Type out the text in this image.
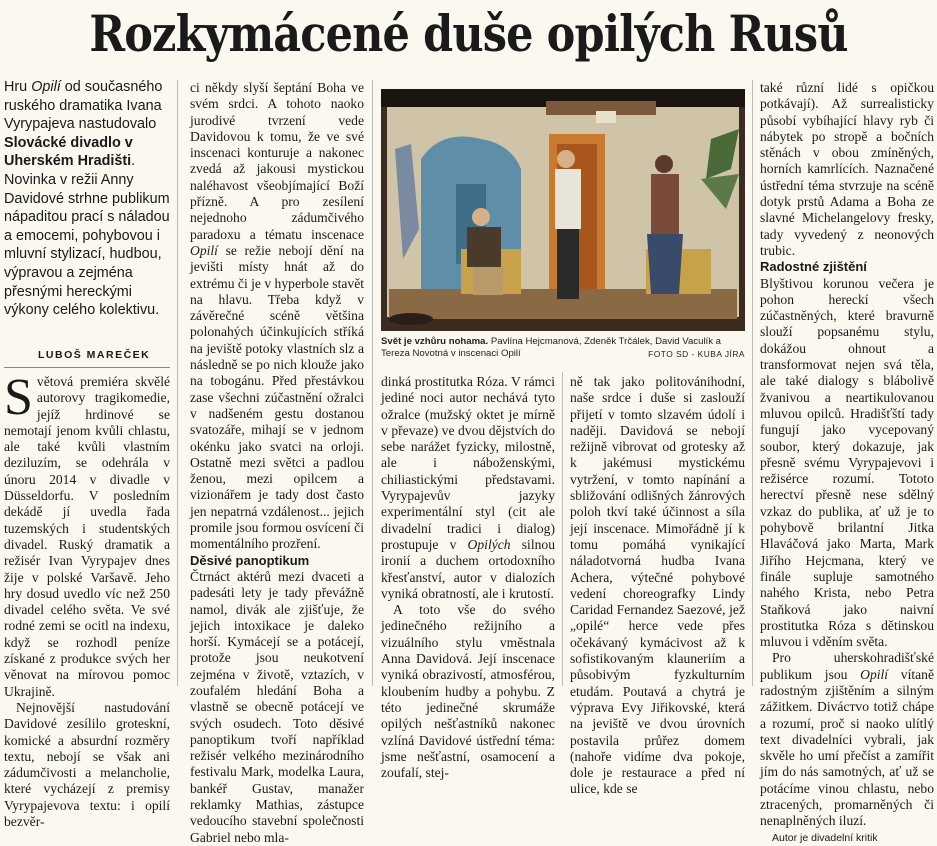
Rozkymácené duše opilých Rusů
Hru Opilí od současného ruského dramatika Ivana Vyrypajeva nastudovalo Slovácké divadlo v Uherském Hradišti. Novinka v režii Anny Davidové strhne publikum nápaditou prací s náladou a emocemi, pohybovou i mluvní stylizací, hudbou, výpravou a zejména přesnými hereckými výkony celého kolektivu.
LUBOŠ MAREČEK

Světová premiéra skvělé autorovy tragikomedie, jejíž hrdinové se nemotají jenom kvůli chlastu, ale také kvůli vlastním deziluzím, se odehrála v únoru 2014 v divadle v Düsseldorfu. V posledním dekádě jí uvedla řada tuzemských i studentských divadel. Ruský dramatik a režisér Ivan Vyrypajev dnes žije v polské Varšavě. Jeho hry dosud uvedlo víc než 250 divadel celého světa. Ve své rodné zemi se ocitl na indexu, když se rozhodl peníze získané z produkce svých her věnovat na mírovou pomoc Ukrajině.

Nejnovější nastudování Davidové zesílilo groteskní, komické a absurdní rozměry textu, nebojí se však ani zádumčivosti a melancholie, které vycházejí z premisy Vyrypajevova textu: i opilí bezvěr-

ci někdy slyší šeptání Boha ve svém srdci. A tohoto naoko jurodivé tvrzení vede Davidovou k tomu, že ve své inscenaci konturuje a nakonec zvedá až jakousi mystickou naléhavost všeobjímající Boží přízně. A pro zesílení nejednoho zádumčivého paradoxu a tématu inscenace Opilí se režie nebojí dění na jevišti místy hnát až do extrému či je v hyperbole stavět na hlavu. Třeba když v závěrečné scéně většina polonahých účinkujících stříká na jeviště potoky vlastních slz a následně se po nich klouže jako na tobogánu. Před přestávkou zase všechni zúčastnění ožralci v nadšeném gestu dostanou svatozáře, mihají se v jednom okénku jako svatci na orloji. Ostatně mezi světci a padlou ženou, mezi opilcem a vizionářem je tady dost často jen nepatrná vzdálenost... jejich promile jsou formou osvícení či momentálního prozření.

Děsivé panoptikum

Čtrnáct aktérů mezi dvaceti a padesáti lety je tady převážně namol, divák ale zjišťuje, že jejich intoxikace je daleko horší. Kymácejí se a potácejí, protože jsou neukotvení zejména v životě, vztazích, v zoufalém hledání Boha a vlastně se obecně potácejí ve svých osudech. Toto děsivé panoptikum tvoří například režisér velkého mezinárodního festivalu Mark, modelka Laura, bankéř Gustav, manažer reklamky Mathias, zástupce vedoucího stavební společnosti Gabriel nebo mla-

Svět je vzhůru nohama. Pavlína Hejcmanová, Zdeněk Trčálek, David Vaculík a Tereza Novotná v inscenaci Opilí	FOTO SD - KUBA JÍRA

dinká prostitutka Róza. V rámci jediné noci autor nechává tyto ožralce (mužský oktet je mírně v převaze) ve dvou dějstvích do sebe narážet fyzicky, milostně, ale i náboženskými, chiliastickými představami. Vyrypajevův jazyky experimentální styl (cit ale divadelní tradici i dialog) prostupuje v Opilých silnou ironií a duchem ortodoxního křesťanství, autor v dialozích vyniká obratností, ale i krutostí.

A toto vše do svého jedinečného režijního a vizuálního stylu vměstnala Anna Davidová. Její inscenace vyniká obrazivostí, atmosférou, kloubením hudby a pohybu. Z této jedinečné skrumáže opilých nešťastníků nakonec vzlíná Davidové ústřední téma: jsme nešťastní, osamocení a zoufalí, stej-

ně tak jako politovánihodní, naše srdce i duše si zaslouží přijetí v tomto slzavém údolí i naději. Davidová se nebojí režijně vibrovat od grotesky až k jakémusi mystickému vytržení, v tomto napínání a sbližování odlišných žánrových poloh tkví také účinnost a síla její inscenace. Mimořádně jí k tomu pomáhá vynikající náladotvorná hudba Ivana Achera, výtečné pohybové vedení choreografky Lindy Caridad Fernandez Saezové, jež „opilé“ herce vede přes očekávaný kymácivost až k sofistikovaným klauneriím a působivým fyzkulturním etudám. Poutavá a chytrá je výprava Evy Jiřikovské, která na jeviště ve dvou úrovních postavila průřez domem (nahoře vidíme dva pokoje, dole je restaurace a před ní ulice, kde se

také různí lidé s opičkou potkávají). Až surrealisticky působí vybíhající hlavy ryb či nábytek po stropě a bočních stěnách v obou zmíněných, horních kamrlících. Naznačené ústřední téma stvrzuje na scéně dotyk prstů Adama a Boha ze slavné Michelangelovy fresky, tady vyvedený z neonových trubic.

Radostné zjištění

Blyštivou korunou večera je pohon hereckí všech zúčastněných, které bravurně slouží popsanému stylu, dokážou ohnout a transformovat nejen svá těla, ale také dialogy s blábolivě žvanivou a neartikulovanou mluvou opilců. Hradišťští tady fungují jako vycepovaný soubor, který dokazuje, jak přesně svému Vyrypajevovi i režisérce rozumí. Tototo herectví přesně nese sdělný vzkaz do publika, ať už je to pohybově brilantní Jitka Hlaváčová jako Marta, Mark Jiřího Hejcmana, který ve finále supluje samotného nahého Krista, nebo Petra Staňková jako naivní prostitutka Róza s dětinskou mluvou i vděním světa.

Pro uherskohradišťské publikum jsou Opilí vítaně radostným zjištěním a silným zážitkem. Divácтvo totiž chápe a rozumí, proč si naoko ulítlý text divadelníci vybrali, jak skvěle ho umí přečíst a zamířit jím do nás samotných, ať už se potácíme vinou chlastu, nebo ztracených, promarněných či nenaplněných iluzí.

Autor je divadelní kritik
